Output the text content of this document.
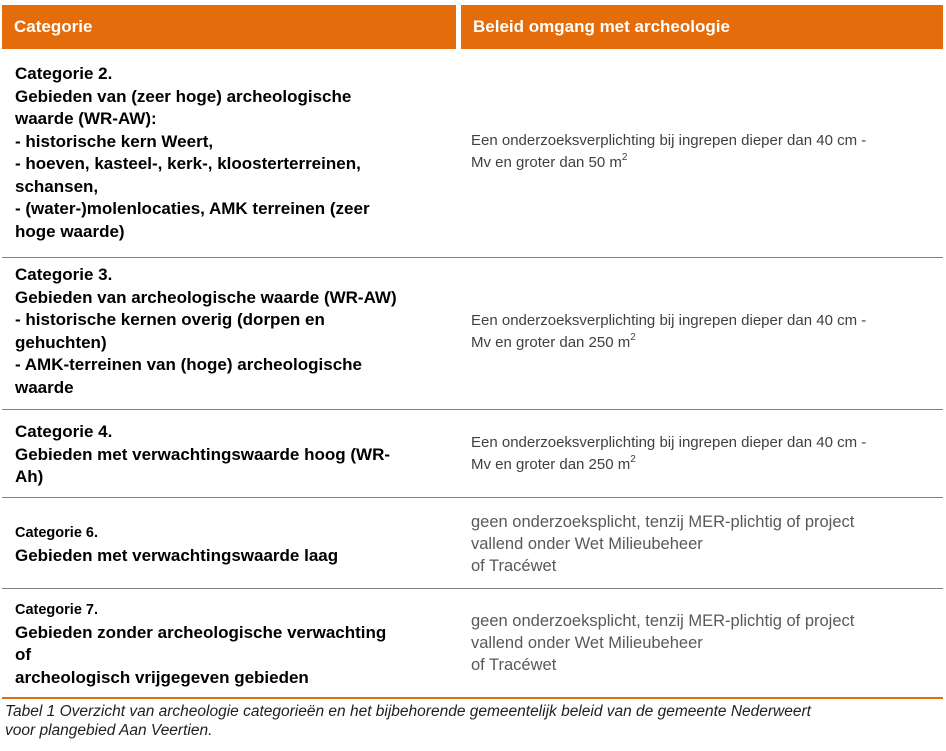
Categorie	Beleid omgang met archeologie
Categorie 2.
Gebieden van (zeer hoge) archeologische
waarde (WR-AW):
- historische kern Weert,
- hoeven, kasteel-, kerk-, kloosterterreinen,
schansen,
- (water-)molenlocaties, AMK terreinen (zeer
hoge waarde)
Een onderzoeksverplichting bij ingrepen dieper dan 40 cm -
Mv en groter dan 50 $m^2$
Categorie 3.
Gebieden van archeologische waarde (WR-AW)
- historische kernen overig (dorpen en
gehuchten)
- AMK-terreinen van (hoge) archeologische
waarde
Een onderzoeksverplichting bij ingrepen dieper dan 40 cm -
Mv en groter dan 250 $m^2$
Categorie 4.
Gebieden met verwachtingswaarde hoog (WR-
Ah)
Een onderzoeksverplichting bij ingrepen dieper dan 40 cm -
Mv en groter dan 250 $m^2$
Categorie 6.
Gebieden met verwachtingswaarde laag
geen onderzoeksplicht, tenzij MER-plichtig of project
vallend onder Wet Milieubeheer
of Tracéwet
Categorie 7.
Gebieden zonder archeologische verwachting
of
archeologisch vrijgegeven gebieden
geen onderzoeksplicht, tenzij MER-plichtig of project
vallend onder Wet Milieubeheer
of Tracéwet
Tabel 1 Overzicht van archeologie categorieën en het bijbehorende gemeentelijk beleid van de gemeente Nederweert
voor plangebied Aan Veertien.
